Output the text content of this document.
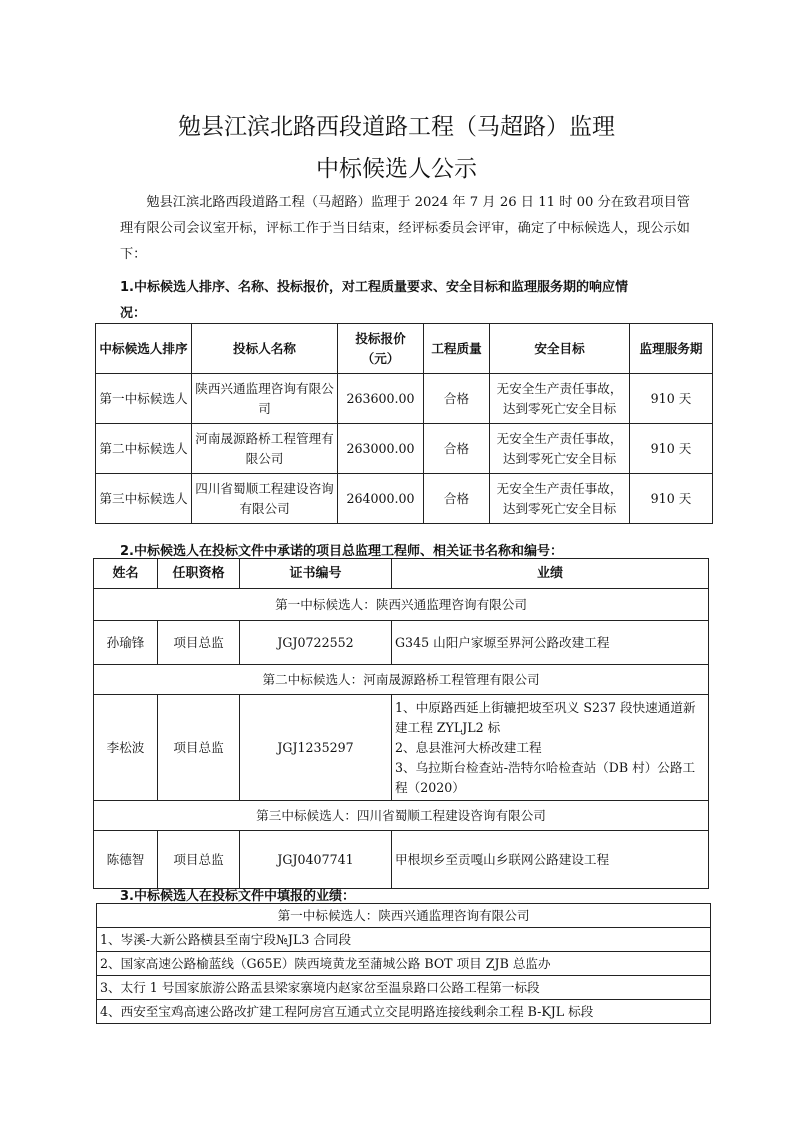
勉县江滨北路西段道路工程（马超路）监理
中标候选人公示
勉县江滨北路西段道路工程（马超路）监理于 2024 年 7 月 26 日 11 时 00 分在致君项目管理有限公司会议室开标，评标工作于当日结束，经评标委员会评审，确定了中标候选人，现公示如下：
1.中标候选人排序、名称、投标报价，对工程质量要求、安全目标和监理服务期的响应情
况：
中标候选人排序	投标人名称	投标报价（元）	工程质量	安全目标	监理服务期
第一中标候选人	陕西兴通监理咨询有限公司	263600.00	合格	无安全生产责任事故，达到零死亡安全目标	910 天
第二中标候选人	河南晟源路桥工程管理有限公司	263000.00	合格	无安全生产责任事故，达到零死亡安全目标	910 天
第三中标候选人	四川省蜀顺工程建设咨询有限公司	264000.00	合格	无安全生产责任事故，达到零死亡安全目标	910 天
2.中标候选人在投标文件中承诺的项目总监理工程师、相关证书名称和编号：
姓名	任职资格	证书编号	业绩
第一中标候选人：陕西兴通监理咨询有限公司			
孙瑜锋	项目总监	JGJ0722552	G345 山阳户家塬至界河公路改建工程

第二中标候选人：河南晟源路桥工程管理有限公司			
李松波	项目总监	JGJ1235297	1、中原路西延上街辘把坡至巩义 S237 段快速通道新建工程 ZYLJL2 标
2、息县淮河大桥改建工程
3、乌拉斯台检查站-浩特尔哈检查站（DB 村）公路工程（2020）

第三中标候选人：四川省蜀顺工程建设咨询有限公司			
陈德智	项目总监	JGJ0407741	甲根坝乡至贡嘎山乡联网公路建设工程
3.中标候选人在投标文件中填报的业绩：
第一中标候选人：陕西兴通监理咨询有限公司
1、岑溪-大新公路横县至南宁段№JL3 合同段
2、国家高速公路榆蓝线（G65E）陕西境黄龙至蒲城公路 BOT 项目 ZJB 总监办
3、太行 1 号国家旅游公路盂县梁家寨境内赵家岔至温泉路口公路工程第一标段
4、西安至宝鸡高速公路改扩建工程阿房宫互通式立交昆明路连接线剩余工程 B-KJL 标段
